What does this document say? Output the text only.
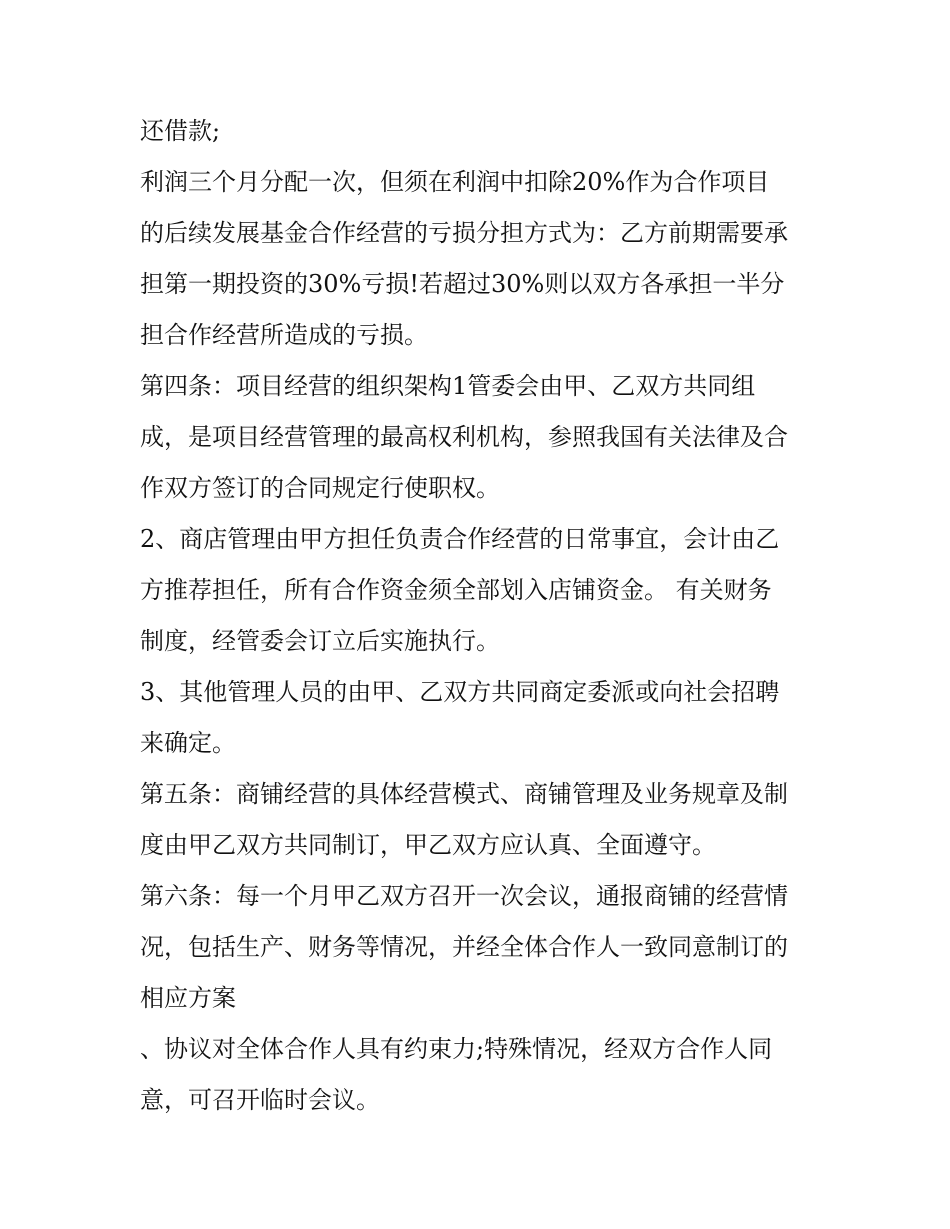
还借款;
利润三个月分配一次，但须在利润中扣除20%作为合作项目
的后续发展基金合作经营的亏损分担方式为：乙方前期需要承
担第一期投资的30%亏损!若超过30%则以双方各承担一半分
担合作经营所造成的亏损。
第四条：项目经营的组织架构1管委会由甲、乙双方共同组
成，是项目经营管理的最高权利机构，参照我国有关法律及合
作双方签订的合同规定行使职权。
2、商店管理由甲方担任负责合作经营的日常事宜，会计由乙
方推荐担任，所有合作资金须全部划入店铺资金。 有关财务
制度，经管委会订立后实施执行。
3、其他管理人员的由甲、乙双方共同商定委派或向社会招聘
来确定。
第五条：商铺经营的具体经营模式、商铺管理及业务规章及制
度由甲乙双方共同制订，甲乙双方应认真、全面遵守。
第六条：每一个月甲乙双方召开一次会议，通报商铺的经营情
况，包括生产、财务等情况，并经全体合作人一致同意制订的
相应方案
、协议对全体合作人具有约束力;特殊情况，经双方合作人同
意，可召开临时会议。
